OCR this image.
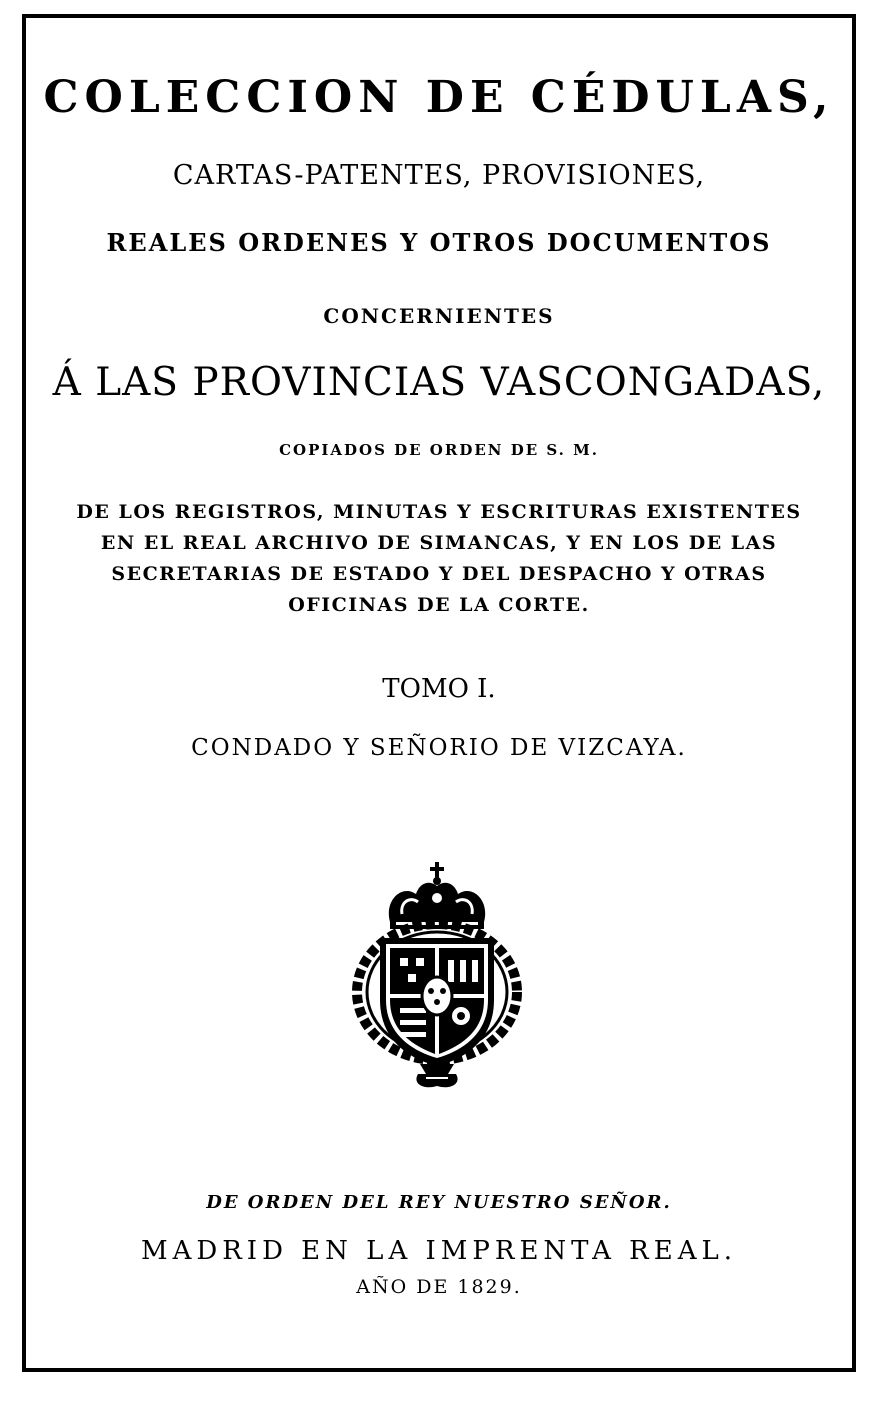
COLECCION DE CÉDULAS,
CARTAS-PATENTES, PROVISIONES,
REALES ORDENES Y OTROS DOCUMENTOS
CONCERNIENTES
Á LAS PROVINCIAS VASCONGADAS,
COPIADOS DE ORDEN DE S. M.
DE LOS REGISTROS, MINUTAS Y ESCRITURAS EXISTENTES
EN EL REAL ARCHIVO DE SIMANCAS, Y EN LOS DE LAS
SECRETARIAS DE ESTADO Y DEL DESPACHO Y OTRAS
OFICINAS DE LA CORTE.
TOMO I.
CONDADO Y SEÑORIO DE VIZCAYA.
DE ORDEN DEL REY NUESTRO SEÑOR.
MADRID EN LA IMPRENTA REAL.
AÑO DE 1829.
